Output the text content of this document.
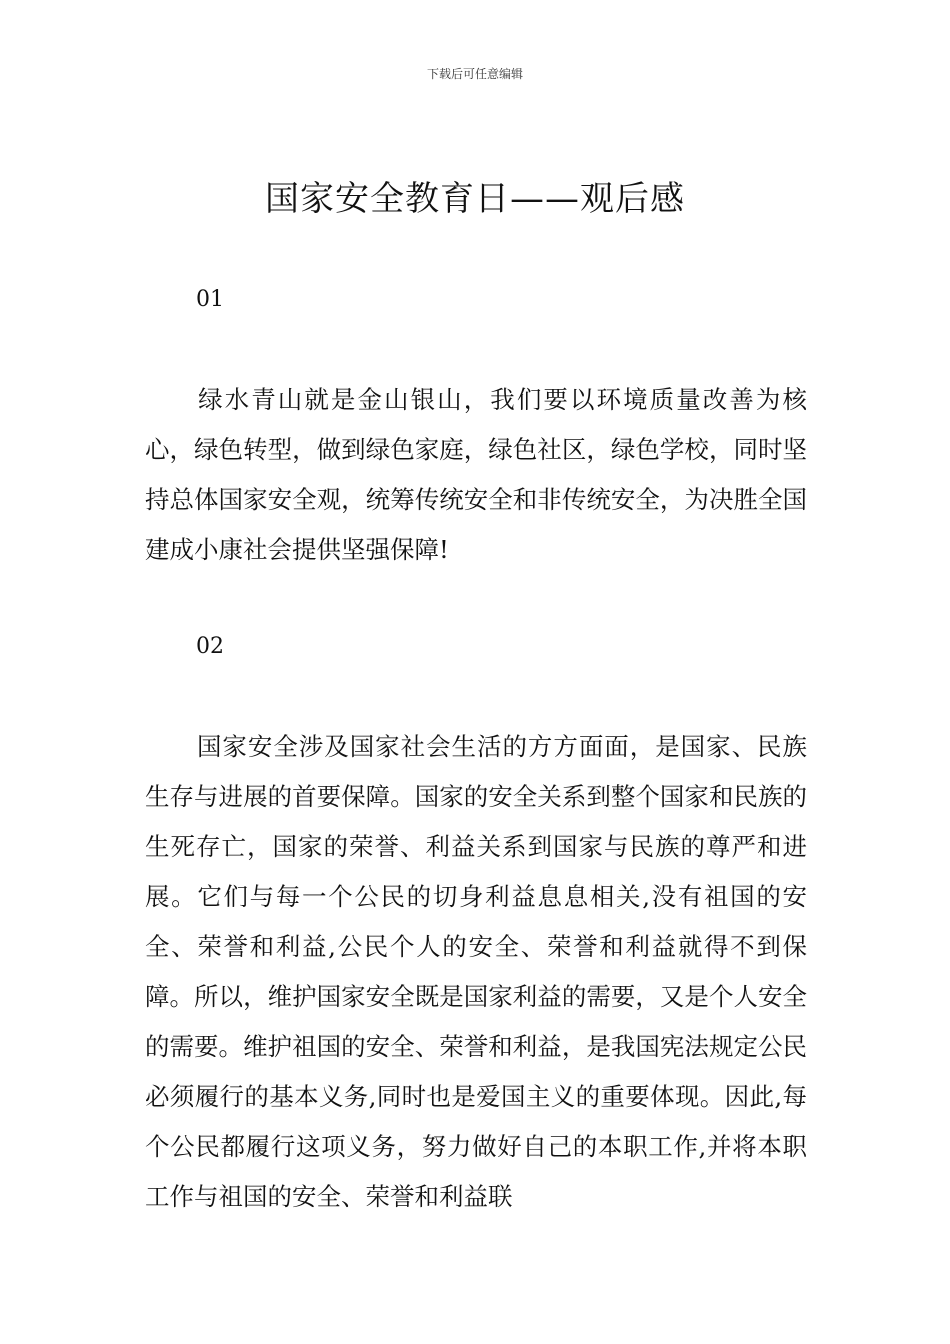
下载后可任意编辑
国家安全教育日——观后感
01

绿水青山就是金山银山，我们要以环境质量改善为核心，绿色转型，做到绿色家庭，绿色社区，绿色学校，同时坚持总体国家安全观，统筹传统安全和非传统安全，为决胜全国建成小康社会提供坚强保障!

02

国家安全涉及国家社会生活的方方面面，是国家、民族生存与进展的首要保障。国家的安全关系到整个国家和民族的生死存亡，国家的荣誉、利益关系到国家与民族的尊严和进展。它们与每一个公民的切身利益息息相关,没有祖国的安全、荣誉和利益,公民个人的安全、荣誉和利益就得不到保障。所以，维护国家安全既是国家利益的需要，又是个人安全的需要。维护祖国的安全、荣誉和利益，是我国宪法规定公民必须履行的基本义务,同时也是爱国主义的重要体现。因此,每个公民都履行这项义务，努力做好自己的本职工作,并将本职工作与祖国的安全、荣誉和利益联
